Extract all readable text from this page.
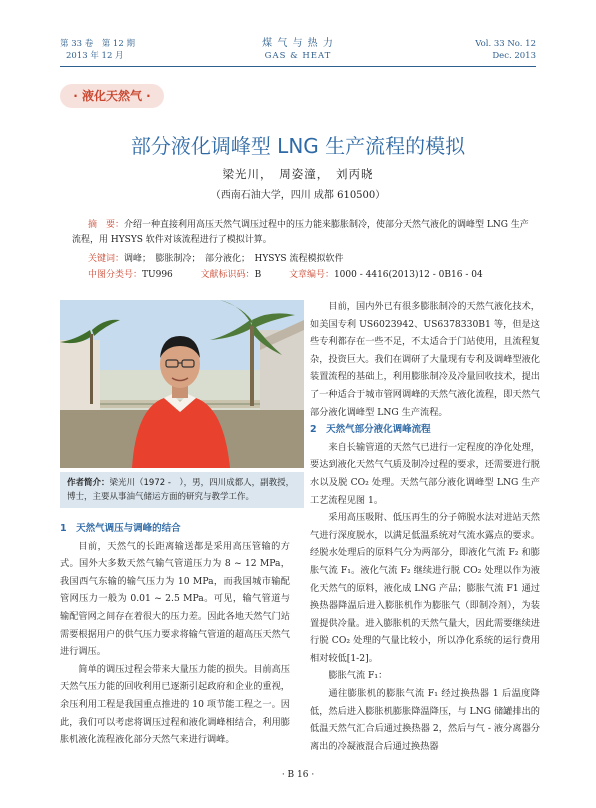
第 33 卷　第 12 期
2013 年 12 月
煤 气 与 热 力
GAS & HEAT
Vol. 33 No. 12
Dec. 2013
· 液化天然气 ·
部分液化调峰型 LNG 生产流程的模拟
梁光川，　周姿潼，　刘丙晓
（西南石油大学，四川 成都 610500）
摘　要：介绍一种直接利用高压天然气调压过程中的压力能来膨胀制冷，使部分天然气液化的调峰型 LNG 生产流程，用 HYSYS 软件对该流程进行了模拟计算。
关键词：调峰；　膨胀制冷；　部分液化；　HYSYS 流程模拟软件
中图分类号：TU996	文献标识码：B	文章编号：1000 - 4416(2013)12 - 0B16 - 04
作者简介：梁光川（1972 -　），男，四川成都人，副教授，博士，主要从事油气储运方面的研究与教学工作。
1　天然气调压与调峰的结合

目前，天然气的长距离输送都是采用高压管输的方式。国外大多数天然气输气管道压力为 8 ~ 12 MPa，我国西气东输的输气压力为 10 MPa，而我国城市输配管网压力一般为 0.01 ~ 2.5 MPa。可见，输气管道与输配管网之间存在着很大的压力差。因此各地天然气门站需要根据用户的供气压力要求将输气管道的超高压天然气进行调压。

简单的调压过程会带来大量压力能的损失。目前高压天然气压力能的回收利用已逐渐引起政府和企业的重视，余压利用工程是我国重点推进的 10 项节能工程之一。因此，我们可以考虑将调压过程和液化调峰相结合，利用膨胀机液化流程液化部分天然气来进行调峰。

目前，国内外已有很多膨胀制冷的天然气液化技术，如美国专利 US6023942、US6378330B1 等，但是这些专利都存在一些不足，不太适合于门站使用，且流程复杂，投资巨大。我们在调研了大量现有专利及调峰型液化装置流程的基础上，利用膨胀制冷及冷量回收技术，提出了一种适合于城市管网调峰的天然气液化流程，即天然气部分液化调峰型 LNG 生产流程。

2　天然气部分液化调峰流程

来自长输管道的天然气已进行一定程度的净化处理，要达到液化天然气气质及制冷过程的要求，还需要进行脱水以及脱 CO₂ 处理。天然气部分液化调峰型 LNG 生产工艺流程见图 1。

采用高压吸附、低压再生的分子筛脱水法对进站天然气进行深度脱水，以满足低温系统对气流水露点的要求。经脱水处理后的原料气分为两部分，即液化气流 F₂ 和膨胀气流 F₁。液化气流 F₂ 继续进行脱 CO₂ 处理以作为液化天然气的原料，液化成 LNG 产品；膨胀气流 F1 通过换热器降温后进入膨胀机作为膨胀气（即制冷剂），为装置提供冷量。进入膨胀机的天然气量大，因此需要继续进行脱 CO₂ 处理的气量比较小，所以净化系统的运行费用相对较低[1-2]。

膨胀气流 F₁：

通往膨胀机的膨胀气流 F₁ 经过换热器 1 后温度降低，然后进入膨胀机膨胀降温降压，与 LNG 储罐排出的低温天然气汇合后通过换热器 2，然后与气 - 液分离器分离出的冷凝液混合后通过换热器

· B 16 ·
